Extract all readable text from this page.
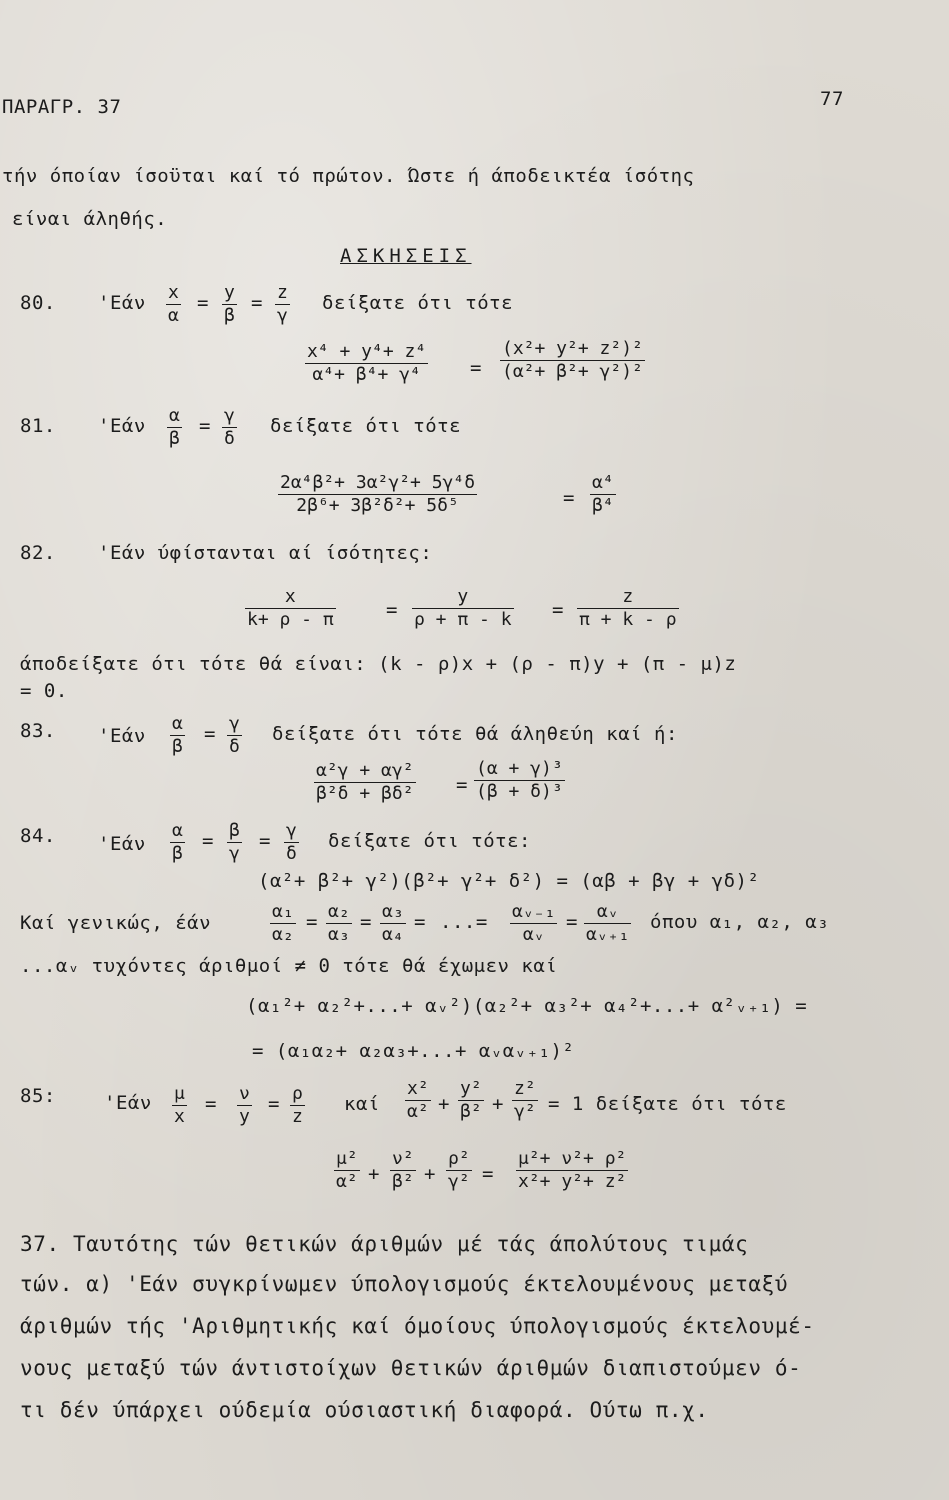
ΠΑΡΑΓΡ. 37	77
τήν όποίαν ίσοϋται καί τό πρώτον. Ώστε ή άποδεικτέα ίσότης
είναι άληθής.
ΑΣΚΗΣΕΙΣ
80. 'Εάν x
α
= y
β
= z
γ
δείξατε ότι τότε
x⁴ + y⁴+ z⁴
α⁴+ β⁴+ γ⁴	=
(x²+ y²+ z²)²
(α²+ β²+ γ²)²
81. 'Εάν α
β
= γ
δ
δείξατε ότι τότε
2α⁴β²+ 3α²γ²+ 5γ⁴δ
2β⁶+ 3β²δ²+ 5δ⁵	=
α⁴
β⁴
82. 'Εάν ύφίστανται αί ίσότητες:
x
k+ ρ - π	=
y
ρ + π - k =
z
π + k - ρ
άποδείξατε ότι τότε θά είναι: (k - ρ)x + (ρ - π)y + (π - μ)z
= 0.
83. 'Εάν
α
β
= γ
δ
δείξατε ότι τότε θά άληθεύη καί ή:
α²γ + αγ²
β²δ + βδ² =
(α + γ)³
(β + δ)³
84. 'Εάν
α
β
= β
γ
= γ
δ
δείξατε ότι τότε:
(α²+ β²+ γ²)(β²+ γ²+ δ²) = (αβ + βγ + γδ)²
Καί γενικώς, έάν
α₁
α₂
= α₂
α₃
= α₃
α₄
= ...= αᵥ₋₁
αᵥ
=	αᵥ
αᵥ₊₁
όπου α₁, α₂, α₃
...αᵥ τυχόντες άριθμοί ≠ 0 τότε θά έχωμεν καί
(α₁²+ α₂²+...+ αᵥ²)(α₂²+ α₃²+ α₄²+...+ α²ᵥ₊₁) =
= (α₁α₂+ α₂α₃+...+ αᵥαᵥ₊₁)²
85:	'Εάν μ
x
= ν
y
= ρ
z
καί
x²
α² +
y²
β² +
z²
γ² = 1 δείξατε ότι τότε
μ²
α² +
ν²
β² +
ρ²
γ² =
μ²+ ν²+ ρ²
x²+ y²+ z²
37. Ταυτότης τών θετικών άριθμών μέ τάς άπολύτους τιμάς
τών. α) 'Εάν συγκρίνωμεν ύπολογισμούς έκτελουμένους μεταξύ
άριθμών τής 'Αριθμητικής καί όμοίους ύπολογισμούς έκτελουμέ-
νους μεταξύ τών άντιστοίχων θετικών άριθμών διαπιστούμεν ό-
τι δέν ύπάρχει ούδεμία ούσιαστική διαφορά. Ούτω π.χ.
